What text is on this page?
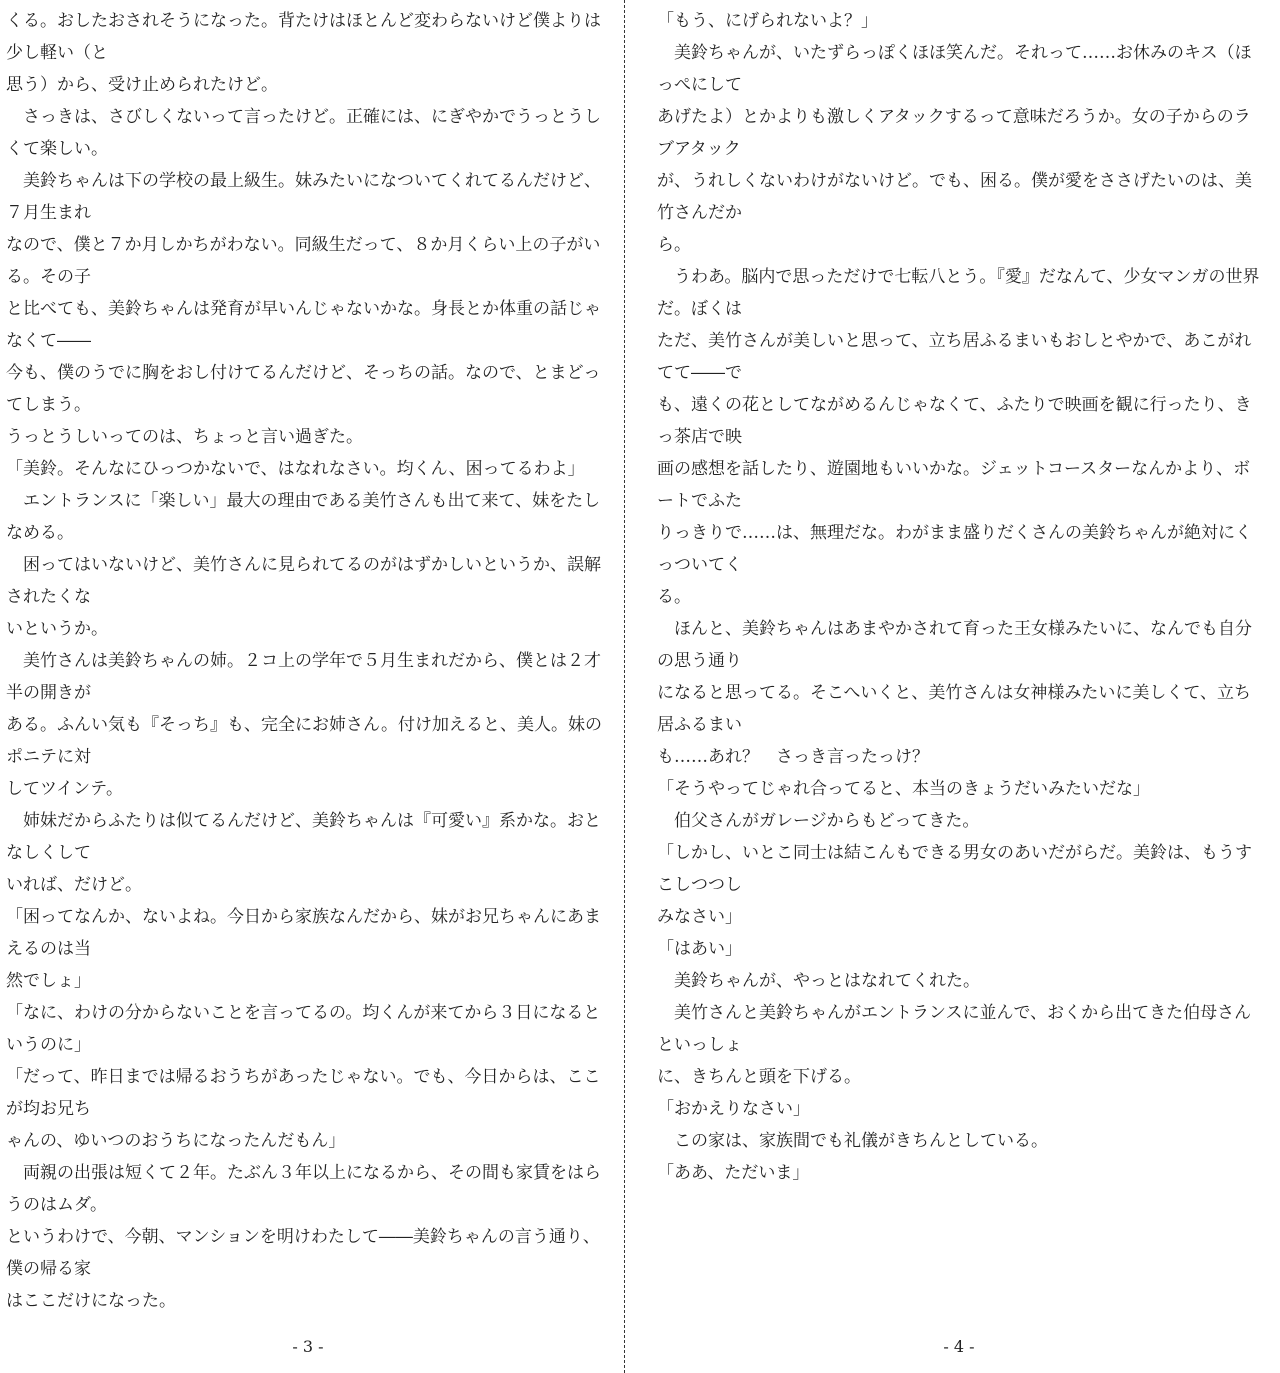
くる。おしたおされそうになった。背たけはほとんど変わらないけど僕よりは少し軽い（と
思う）から、受け止められたけど。
　さっきは、さびしくないって言ったけど。正確には、にぎやかでうっとうしくて楽しい。
　美鈴ちゃんは下の学校の最上級生。妹みたいになついてくれてるんだけど、７月生まれ
なので、僕と７か月しかちがわない。同級生だって、８か月くらい上の子がいる。その子
と比べても、美鈴ちゃんは発育が早いんじゃないかな。身長とか体重の話じゃなくて――
今も、僕のうでに胸をおし付けてるんだけど、そっちの話。なので、とまどってしまう。
うっとうしいってのは、ちょっと言い過ぎた。
「美鈴。そんなにひっつかないで、はなれなさい。均くん、困ってるわよ」
　エントランスに「楽しい」最大の理由である美竹さんも出て来て、妹をたしなめる。
　困ってはいないけど、美竹さんに見られてるのがはずかしいというか、誤解されたくな
いというか。
　美竹さんは美鈴ちゃんの姉。２コ上の学年で５月生まれだから、僕とは２才半の開きが
ある。ふんい気も『そっち』も、完全にお姉さん。付け加えると、美人。妹のポニテに対
してツインテ。
　姉妹だからふたりは似てるんだけど、美鈴ちゃんは『可愛い』系かな。おとなしくして
いれば、だけど。
「困ってなんか、ないよね。今日から家族なんだから、妹がお兄ちゃんにあまえるのは当
然でしょ」
「なに、わけの分からないことを言ってるの。均くんが来てから３日になるというのに」
「だって、昨日までは帰るおうちがあったじゃない。でも、今日からは、ここが均お兄ち
ゃんの、ゆいつのおうちになったんだもん」
　両親の出張は短くて２年。たぶん３年以上になるから、その間も家賃をはらうのはムダ。
というわけで、今朝、マンションを明けわたして――美鈴ちゃんの言う通り、僕の帰る家
はここだけになった。
- 3 -
「もう、にげられないよ？」
　美鈴ちゃんが、いたずらっぽくほほ笑んだ。それって……お休みのキス（ほっぺにして
あげたよ）とかよりも激しくアタックするって意味だろうか。女の子からのラブアタック
が、うれしくないわけがないけど。でも、困る。僕が愛をささげたいのは、美竹さんだか
ら。
　うわあ。脳内で思っただけで七転八とう。『愛』だなんて、少女マンガの世界だ。ぼくは
ただ、美竹さんが美しいと思って、立ち居ふるまいもおしとやかで、あこがれてて――で
も、遠くの花としてながめるんじゃなくて、ふたりで映画を観に行ったり、きっ茶店で映
画の感想を話したり、遊園地もいいかな。ジェットコースターなんかより、ボートでふた
りっきりで……は、無理だな。わがまま盛りだくさんの美鈴ちゃんが絶対にくっついてく
る。
　ほんと、美鈴ちゃんはあまやかされて育った王女様みたいに、なんでも自分の思う通り
になると思ってる。そこへいくと、美竹さんは女神様みたいに美しくて、立ち居ふるまい
も……あれ？　さっき言ったっけ？
「そうやってじゃれ合ってると、本当のきょうだいみたいだな」
　伯父さんがガレージからもどってきた。
「しかし、いとこ同士は結こんもできる男女のあいだがらだ。美鈴は、もうすこしつつし
みなさい」
「はあい」
　美鈴ちゃんが、やっとはなれてくれた。
　美竹さんと美鈴ちゃんがエントランスに並んで、おくから出てきた伯母さんといっしょ
に、きちんと頭を下げる。
「おかえりなさい」
　この家は、家族間でも礼儀がきちんとしている。
「ああ、ただいま」
- 4 -
